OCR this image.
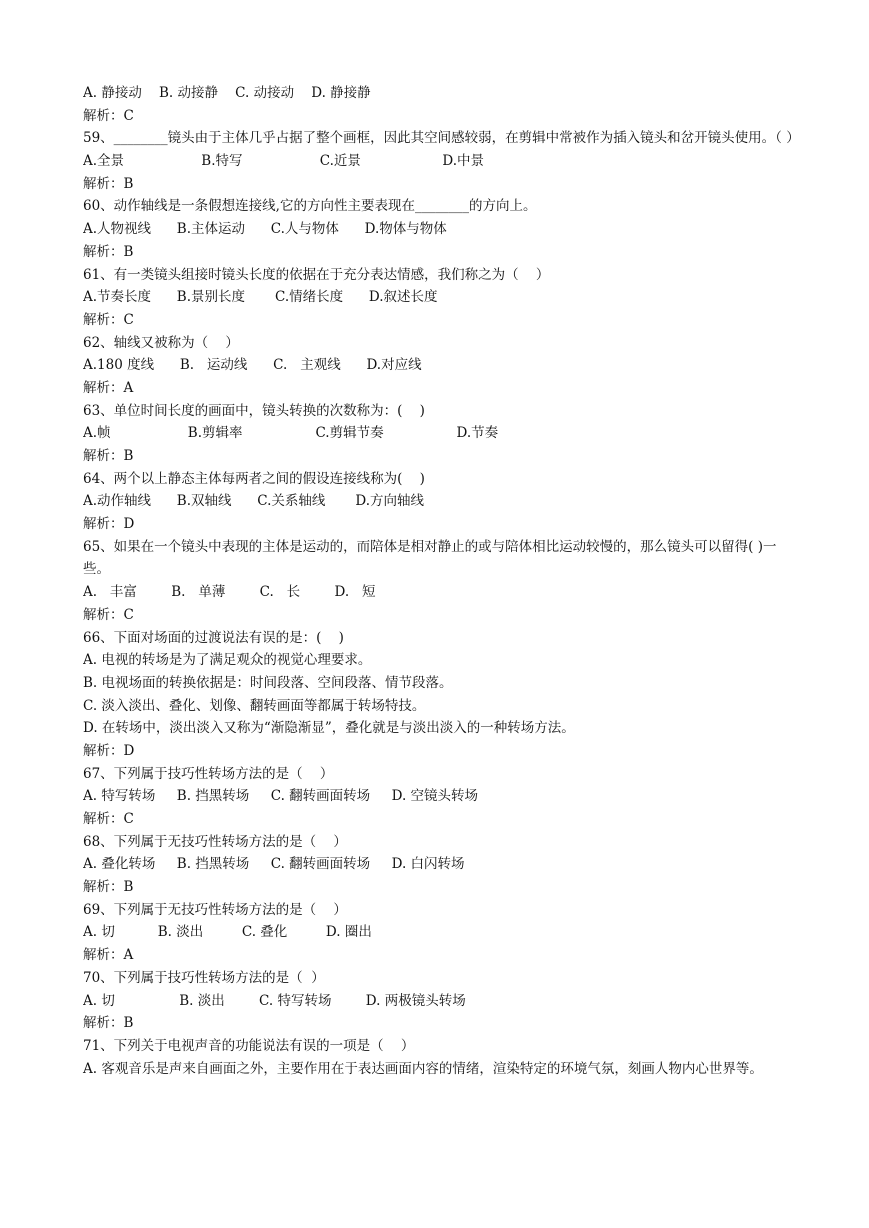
A. 静接动    B. 动接静    C. 动接动    D. 静接静

解析：C

59、________镜头由于主体几乎占据了整个画框，因此其空间感较弱，在剪辑中常被作为插入镜头和岔开镜头使用。（ ）

A.全景                  B.特写                  C.近景                   D.中景

解析：B

60、动作轴线是一条假想连接线,它的方向性主要表现在________的方向上。

A.人物视线      B.主体运动      C.人与物体      D.物体与物体

解析：B

61、有一类镜头组接时镜头长度的依据在于充分表达情感，我们称之为（    ）

A.节奏长度      B.景别长度       C.情绪长度      D.叙述长度

解析：C

62、轴线又被称为（    ）

A.180 度线      B.   运动线      C.   主观线      D.对应线

解析：A

63、单位时间长度的画面中，镜头转换的次数称为：(    )

A.帧                  B.剪辑率                 C.剪辑节奏                 D.节奏

解析：B

64、两个以上静态主体每两者之间的假设连接线称为(    )

A.动作轴线      B.双轴线      C.关系轴线       D.方向轴线

解析：D

65、如果在一个镜头中表现的主体是运动的，而陪体是相对静止的或与陪体相比运动较慢的，那么镜头可以留得( )一些。

A.   丰富        B.   单薄        C.   长        D.   短

解析：C

66、下面对场面的过渡说法有误的是：(    )

A. 电视的转场是为了满足观众的视觉心理要求。

B. 电视场面的转换依据是：时间段落、空间段落、情节段落。

C. 淡入淡出、叠化、划像、翻转画面等都属于转场特技。

D. 在转场中，淡出淡入又称为“渐隐渐显”，叠化就是与淡出淡入的一种转场方法。

解析：D

67、下列属于技巧性转场方法的是（    ）

A. 特写转场     B. 挡黑转场     C. 翻转画面转场     D. 空镜头转场

解析：C

68、下列属于无技巧性转场方法的是（    ）

A. 叠化转场     B. 挡黑转场     C. 翻转画面转场     D. 白闪转场

解析：B

69、下列属于无技巧性转场方法的是（    ）

A. 切          B. 淡出         C. 叠化         D. 圈出

解析：A

70、下列属于技巧性转场方法的是（  ）

A. 切               B. 淡出        C. 特写转场        D. 两极镜头转场

解析：B

71、下列关于电视声音的功能说法有误的一项是（    ）

A. 客观音乐是声来自画面之外，主要作用在于表达画面内容的情绪，渲染特定的环境气氛，刻画人物内心世界等。
